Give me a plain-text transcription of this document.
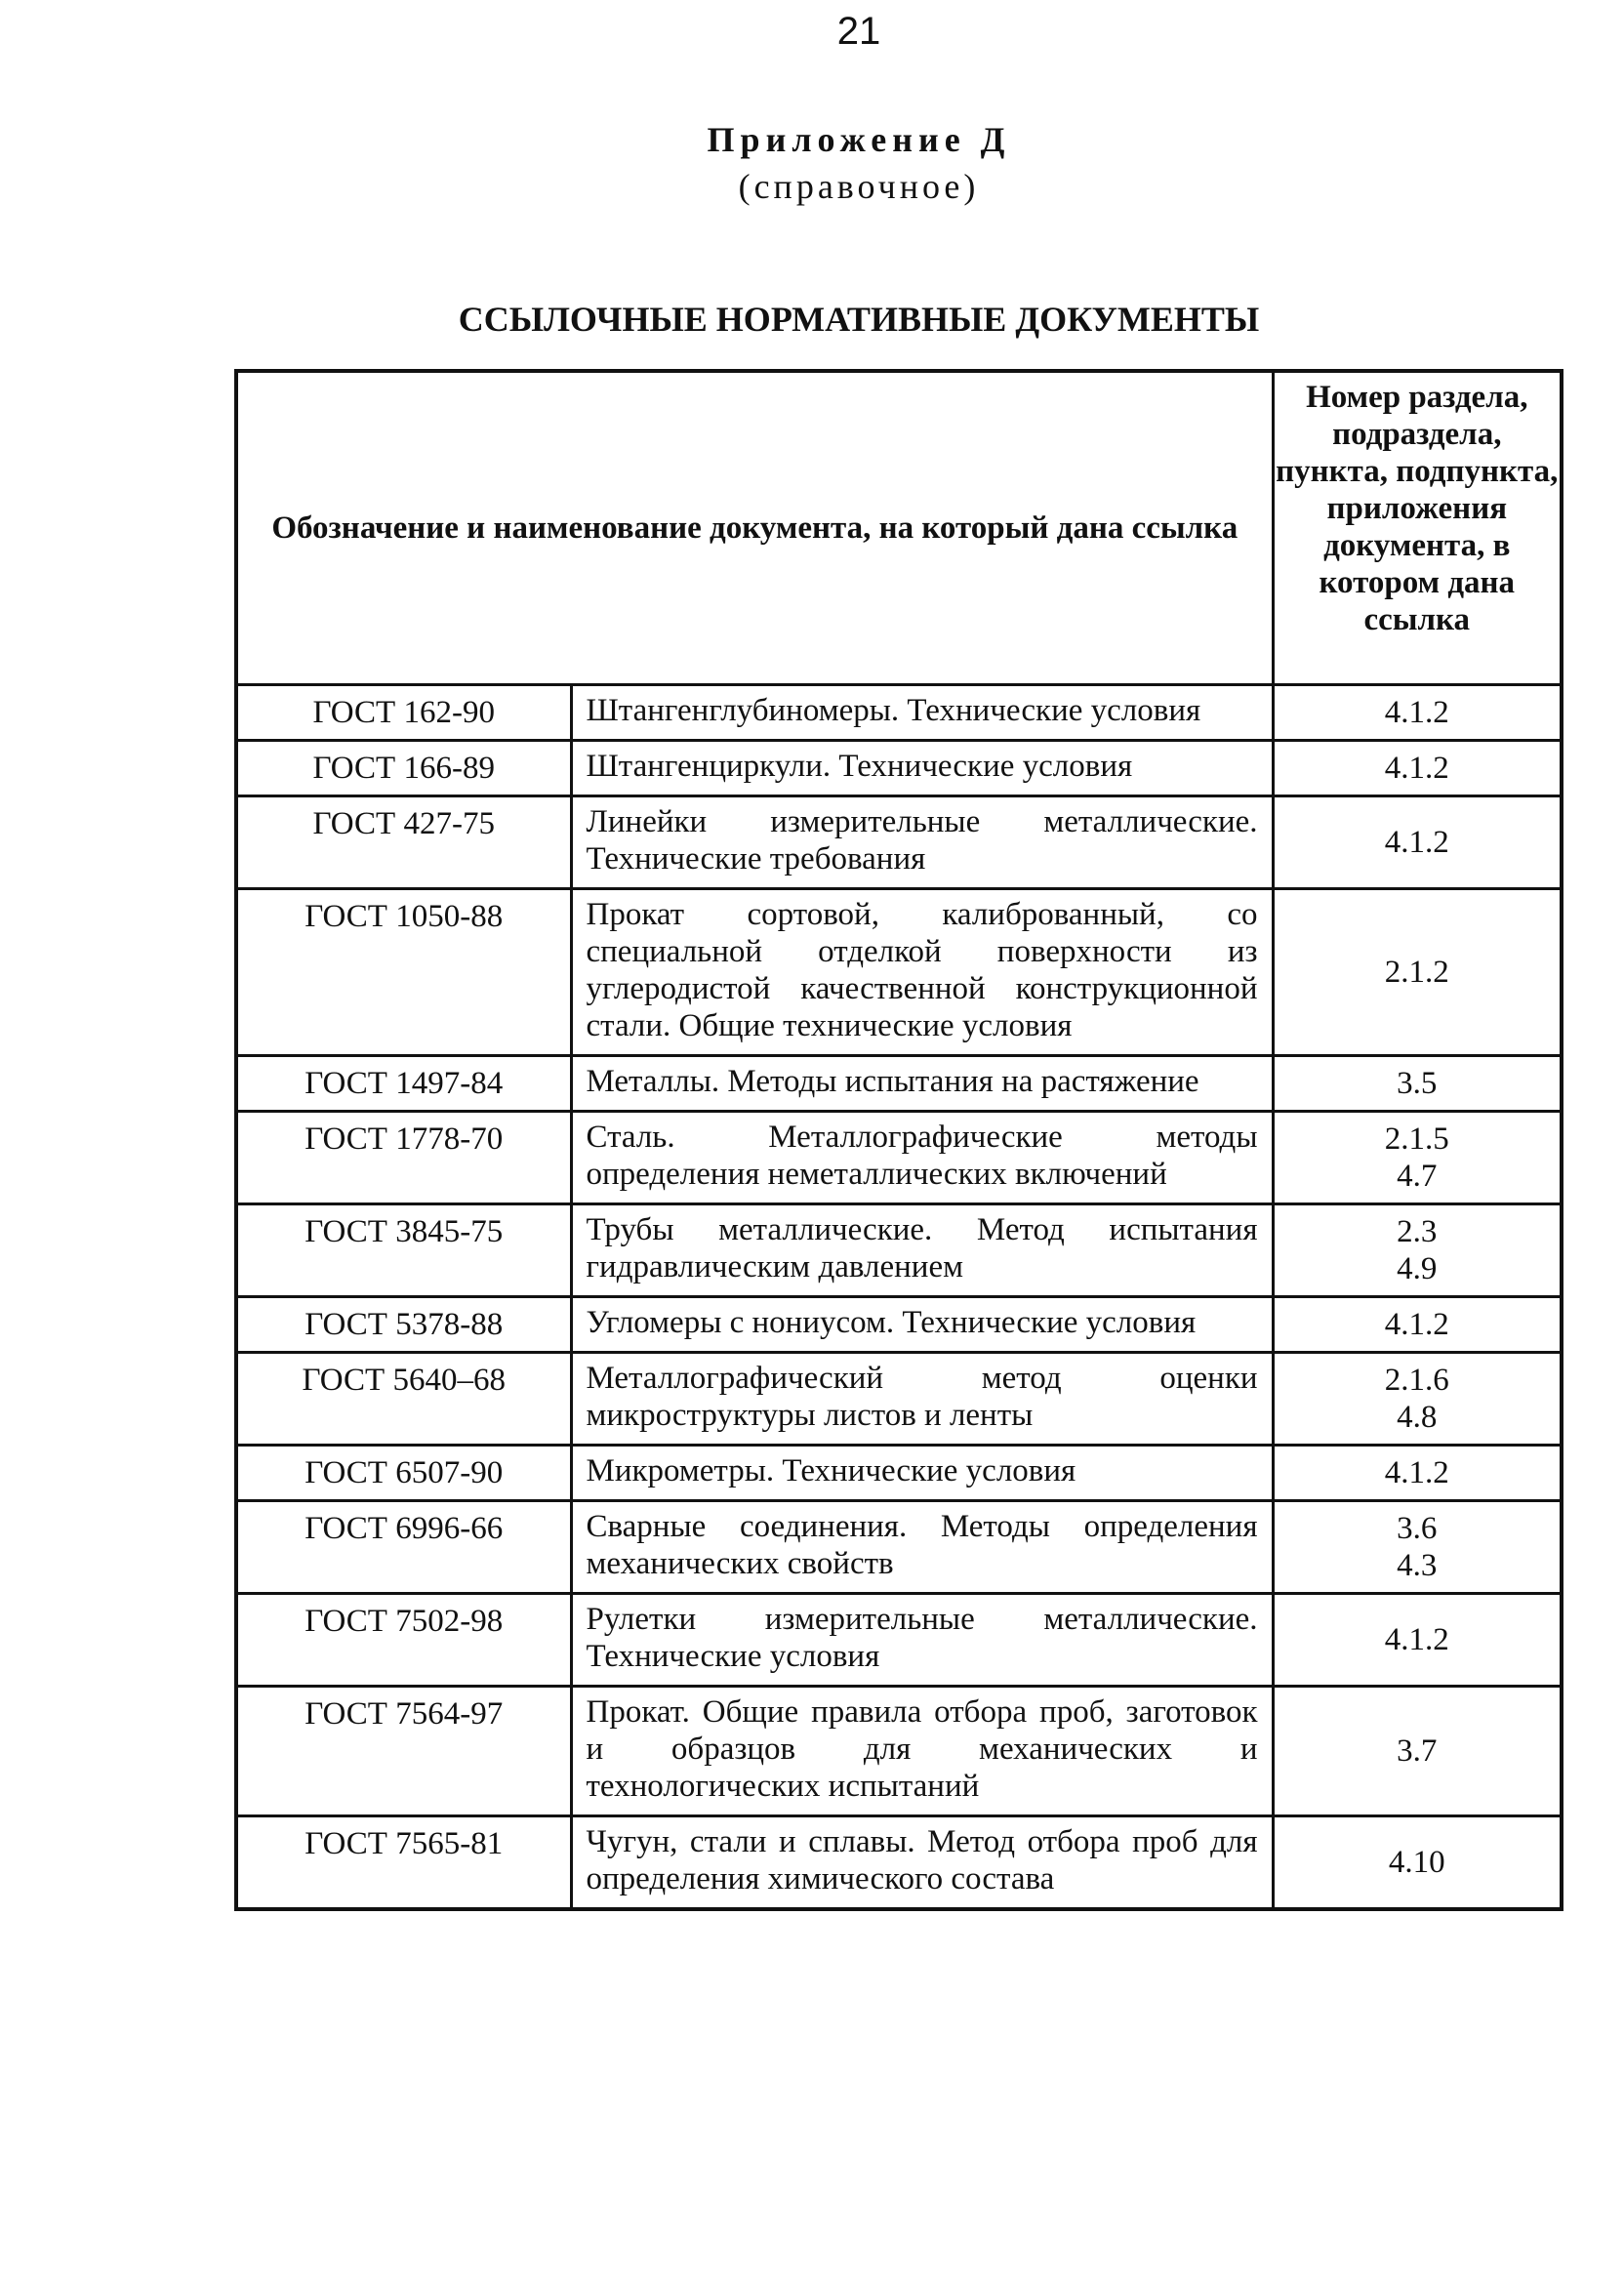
21
Приложение Д
(справочное)
ССЫЛОЧНЫЕ НОРМАТИВНЫЕ ДОКУМЕНТЫ
Обозначение и наименование документа, на который дана ссылка		Номер раздела, подраздела, пункта, подпункта, приложения документа, в котором дана ссылка
ГОСТ 162-90	Штангенглубиномеры. Технические условия	4.1.2
ГОСТ 166-89	Штангенциркули. Технические условия	4.1.2
ГОСТ 427-75	Линейки измерительные металлические. Технические требования	4.1.2
ГОСТ 1050-88	Прокат сортовой, калиброванный, со специальной отделкой поверхности из углеродистой качественной конструкционной стали. Общие технические условия	2.1.2
ГОСТ 1497-84	Металлы. Методы испытания на растяжение	3.5
ГОСТ 1778-70	Сталь. Металлографические методы определения неметаллических включений	2.1.5
4.7
ГОСТ 3845-75	Трубы металлические. Метод испытания гидравлическим давлением	2.3
4.9
ГОСТ 5378-88	Угломеры с нониусом. Технические условия	4.1.2
ГОСТ 5640–68	Металлографический метод оценки микроструктуры листов и ленты	2.1.6
4.8
ГОСТ 6507-90	Микрометры. Технические условия	4.1.2
ГОСТ 6996-66	Сварные соединения. Методы определения механических свойств	3.6
4.3
ГОСТ 7502-98	Рулетки измерительные металлические. Технические условия	4.1.2
ГОСТ 7564-97	Прокат. Общие правила отбора проб, заготовок и образцов для механических и технологических испытаний	3.7
ГОСТ 7565-81	Чугун, стали и сплавы. Метод отбора проб для определения химического состава	4.10
